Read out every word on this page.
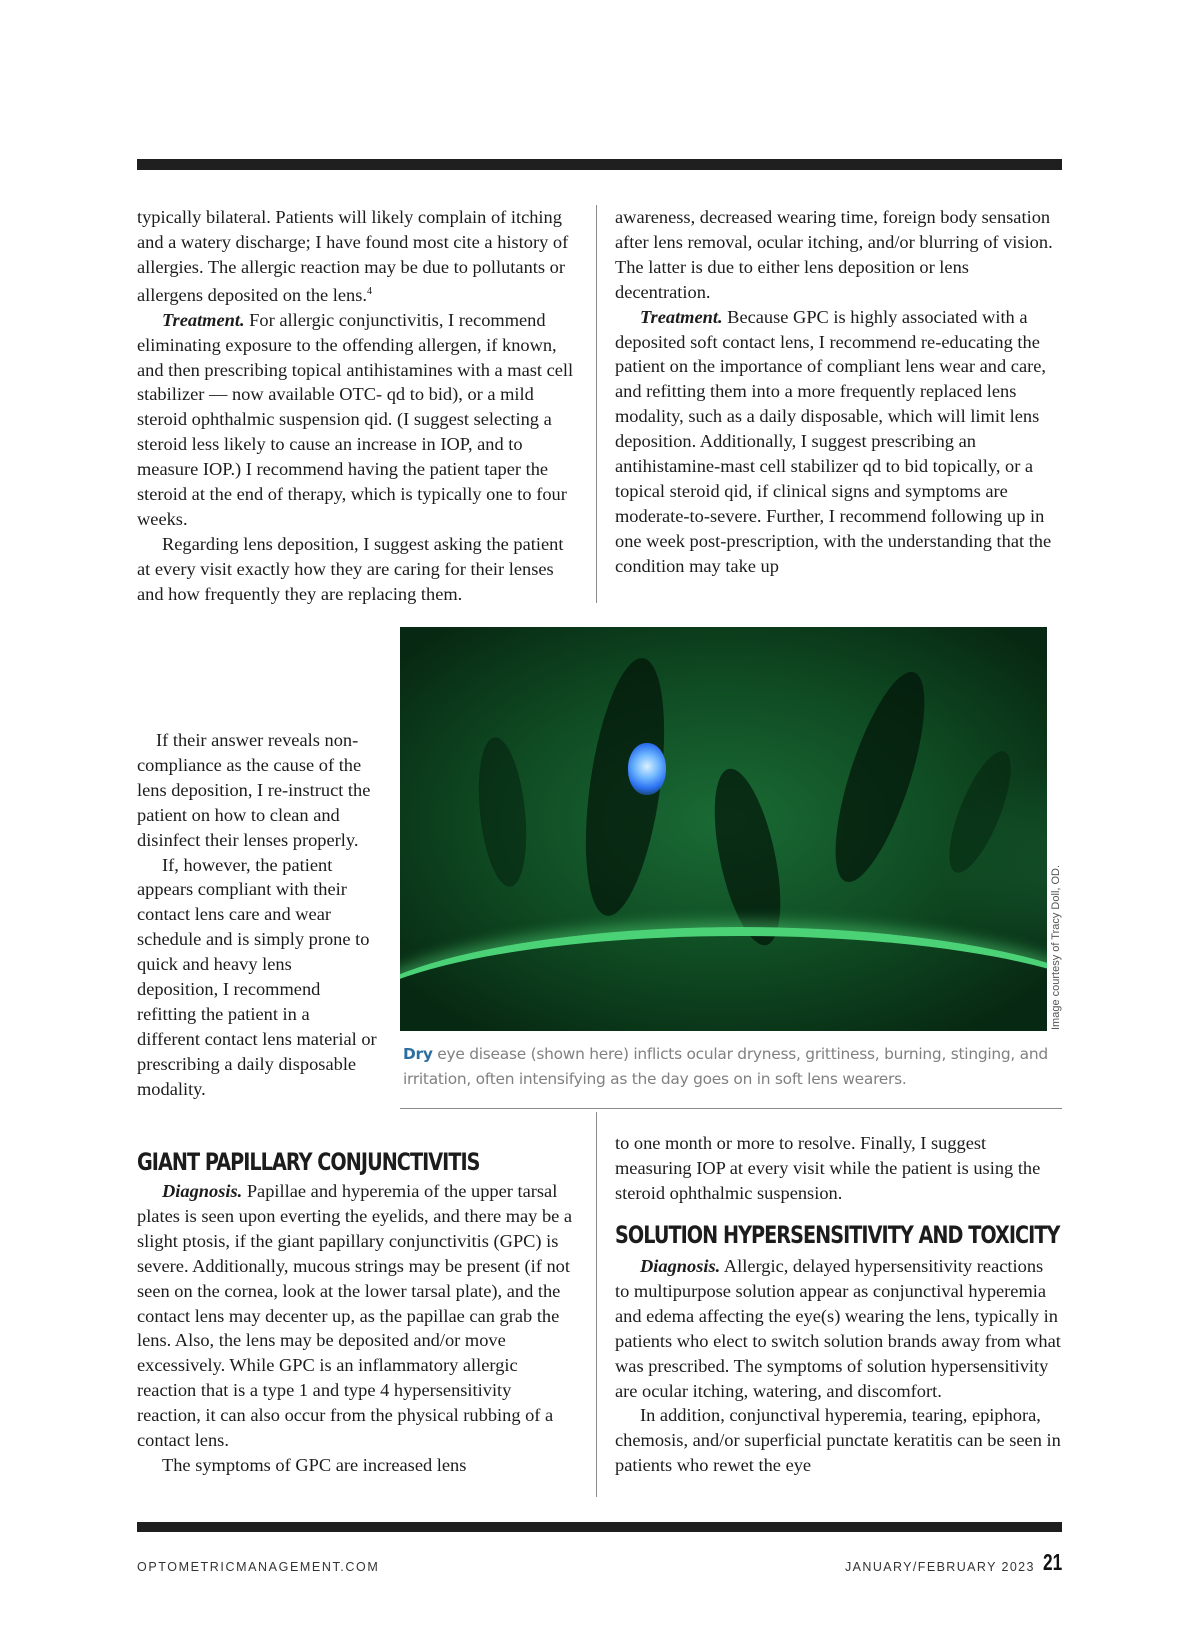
typically bilateral. Patients will likely complain of itching and a watery discharge; I have found most cite a history of allergies. The allergic reaction may be due to pollutants or allergens deposited on the lens.$^4$

Treatment. For allergic conjunctivitis, I recommend eliminating exposure to the offending allergen, if known, and then prescribing topical antihistamines with a mast cell stabilizer — now available OTC- qd to bid), or a mild steroid ophthalmic suspension qid. (I suggest selecting a steroid less likely to cause an increase in IOP, and to measure IOP.) I recommend having the patient taper the steroid at the end of therapy, which is typically one to four weeks.

Regarding lens deposition, I suggest asking the patient at every visit exactly how they are caring for their lenses and how frequently they are replacing them.

If their answer reveals non-compliance as the cause of the lens deposition, I re-instruct the patient on how to clean and disinfect their lenses properly.

If, however, the patient appears compliant with their contact lens care and wear schedule and is simply prone to quick and heavy lens deposition, I recommend refitting the patient in a different contact lens material or prescribing a daily disposable modality.

awareness, decreased wearing time, foreign body sensation after lens removal, ocular itching, and/or blurring of vision. The latter is due to either lens deposition or lens decentration.

Treatment. Because GPC is highly associated with a deposited soft contact lens, I recommend re-educating the patient on the importance of compliant lens wear and care, and refitting them into a more frequently replaced lens modality, such as a daily disposable, which will limit lens deposition. Additionally, I suggest prescribing an antihistamine-mast cell stabilizer qd to bid topically, or a topical steroid qid, if clinical signs and symptoms are moderate-to-severe. Further, I recommend following up in one week post-prescription, with the understanding that the condition may take up

Image courtesy of Tracy Doll, OD.

Dry eye disease (shown here) inflicts ocular dryness, grittiness, burning, stinging, and irritation, often intensifying as the day goes on in soft lens wearers.

GIANT PAPILLARY CONJUNCTIVITIS

Diagnosis. Papillae and hyperemia of the upper tarsal plates is seen upon everting the eyelids, and there may be a slight ptosis, if the giant papillary conjunctivitis (GPC) is severe. Additionally, mucous strings may be present (if not seen on the cornea, look at the lower tarsal plate), and the contact lens may decenter up, as the papillae can grab the lens. Also, the lens may be deposited and/or move excessively. While GPC is an inflammatory allergic reaction that is a type 1 and type 4 hypersensitivity reaction, it can also occur from the physical rubbing of a contact lens.

The symptoms of GPC are increased lens

to one month or more to resolve. Finally, I suggest measuring IOP at every visit while the patient is using the steroid ophthalmic suspension.

SOLUTION HYPERSENSITIVITY AND TOXICITY

Diagnosis. Allergic, delayed hypersensitivity reactions to multipurpose solution appear as conjunctival hyperemia and edema affecting the eye(s) wearing the lens, typically in patients who elect to switch solution brands away from what was prescribed. The symptoms of solution hypersensitivity are ocular itching, watering, and discomfort.

In addition, conjunctival hyperemia, tearing, epiphora, chemosis, and/or superficial punctate keratitis can be seen in patients who rewet the eye

OPTOMETRICMANAGEMENT.COM	JANUARY/FEBRUARY 2023 21
